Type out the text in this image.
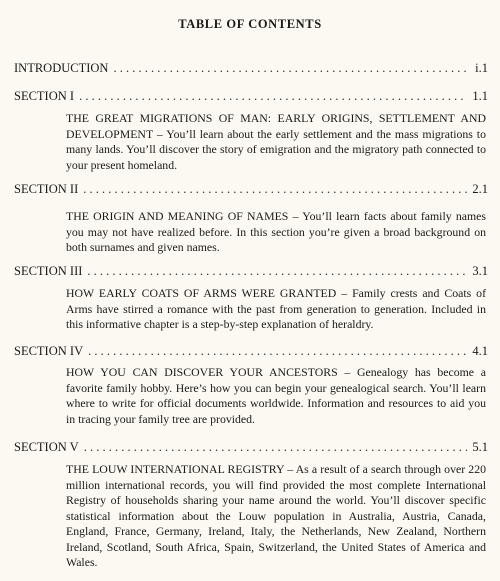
TABLE OF CONTENTS
INTRODUCTION . . .	i.1
SECTION I . . .	1.1
THE GREAT MIGRATIONS OF MAN: EARLY ORIGINS, SETTLEMENT AND DEVELOPMENT – You’ll learn about the early settlement and the mass migrations to many lands. You’ll discover the story of emigration and the migratory path connected to your present homeland.
SECTION II . . .	2.1
THE ORIGIN AND MEANING OF NAMES – You’ll learn facts about family names you may not have realized before. In this section you’re given a broad background on both surnames and given names.
SECTION III . . .	3.1
HOW EARLY COATS OF ARMS WERE GRANTED – Family crests and Coats of Arms have stirred a romance with the past from generation to generation. Included in this informative chapter is a step-by-step explanation of heraldry.
SECTION IV . . .	4.1
HOW YOU CAN DISCOVER YOUR ANCESTORS – Genealogy has become a favorite family hobby. Here’s how you can begin your genealogical search. You’ll learn where to write for official documents worldwide. Information and resources to aid you in tracing your family tree are provided.
SECTION V . . .	5.1
THE LOUW INTERNATIONAL REGISTRY – As a result of a search through over 220 million international records, you will find provided the most complete International Registry of households sharing your name around the world. You’ll discover specific statistical information about the Louw population in Australia, Austria, Canada, England, France, Germany, Ireland, Italy, the Netherlands, New Zealand, Northern Ireland, Scotland, South Africa, Spain, Switzerland, the United States of America and Wales.
